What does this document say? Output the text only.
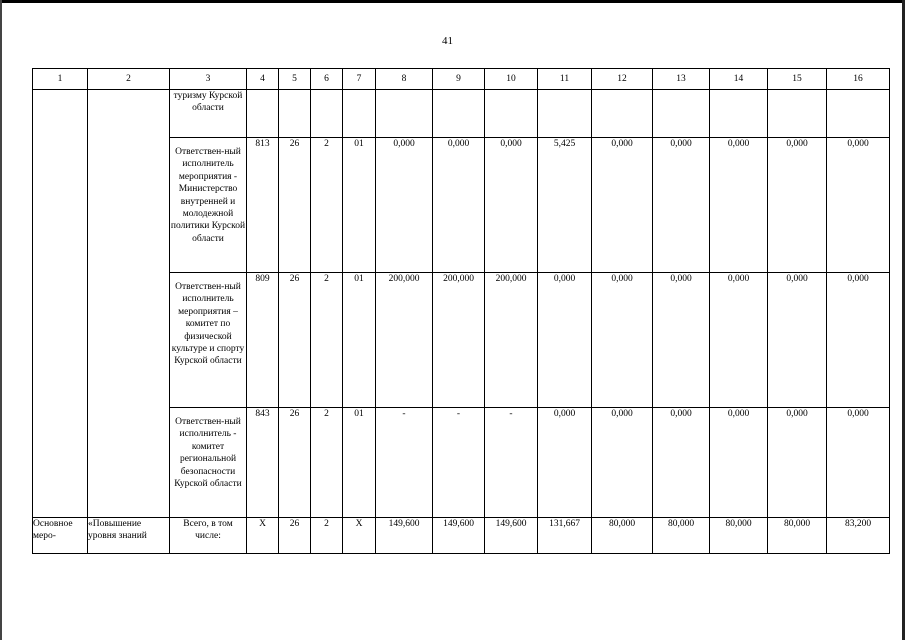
41
1	2	3	4	5	6	7	8	9	10	11	12	13	14	15	16
		туризму Курской области													
		Ответствен-ный исполнитель мероприятия - Министерство внутренней и молодежной политики Курской области	813	26	2	01	0,000	0,000	0,000	5,425	0,000	0,000	0,000	0,000	0,000
		Ответствен-ный исполнитель мероприятия – комитет по физической культуре и спорту Курской области	809	26	2	01	200,000	200,000	200,000	0,000	0,000	0,000	0,000	0,000	0,000
		Ответствен-ный исполнитель - комитет региональной безопасности Курской области	843	26	2	01	-	-	-	0,000	0,000	0,000	0,000	0,000	0,000
Основное меро-	«Повышение уровня знаний	Всего, в том числе:	Х	26	2	Х	149,600	149,600	149,600	131,667	80,000	80,000	80,000	80,000	83,200
